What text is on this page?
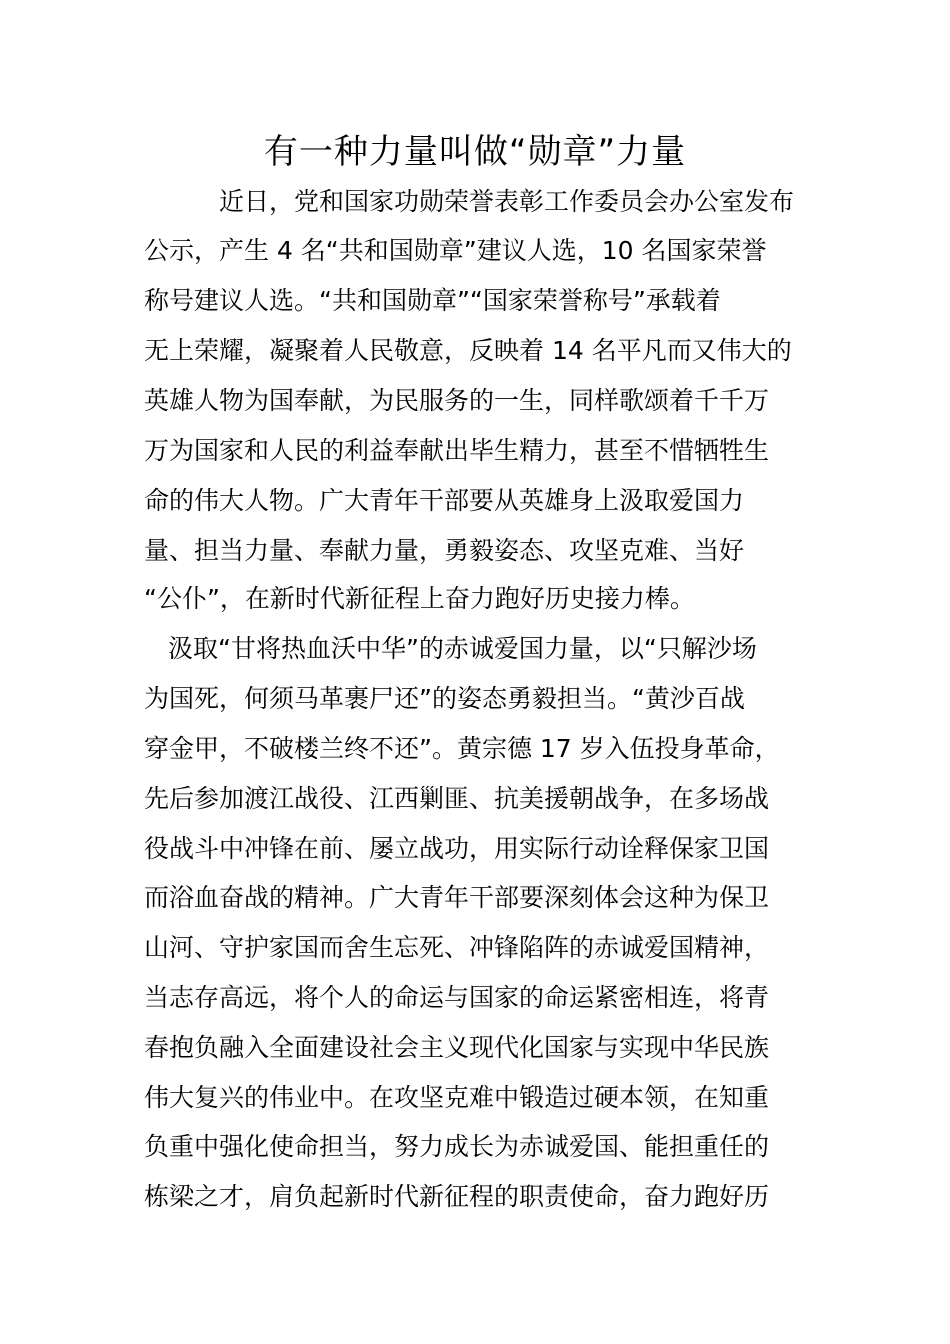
有一种力量叫做“勋章”力量
近日，党和国家功勋荣誉表彰工作委员会办公室发布
公示，产生 4 名“共和国勋章”建议人选，10 名国家荣誉
称号建议人选。“共和国勋章”“国家荣誉称号”承载着
无上荣耀，凝聚着人民敬意，反映着 14 名平凡而又伟大的
英雄人物为国奉献，为民服务的一生，同样歌颂着千千万
万为国家和人民的利益奉献出毕生精力，甚至不惜牺牲生
命的伟大人物。广大青年干部要从英雄身上汲取爱国力
量、担当力量、奉献力量，勇毅姿态、攻坚克难、当好
“公仆”，在新时代新征程上奋力跑好历史接力棒。
汲取“甘将热血沃中华”的赤诚爱国力量，以“只解沙场
为国死，何须马革裹尸还”的姿态勇毅担当。“黄沙百战
穿金甲，不破楼兰终不还”。黄宗德 17 岁入伍投身革命，
先后参加渡江战役、江西剿匪、抗美援朝战争，在多场战
役战斗中冲锋在前、屡立战功，用实际行动诠释保家卫国
而浴血奋战的精神。广大青年干部要深刻体会这种为保卫
山河、守护家国而舍生忘死、冲锋陷阵的赤诚爱国精神，
当志存高远，将个人的命运与国家的命运紧密相连，将青
春抱负融入全面建设社会主义现代化国家与实现中华民族
伟大复兴的伟业中。在攻坚克难中锻造过硬本领，在知重
负重中强化使命担当，努力成长为赤诚爱国、能担重任的
栋梁之才，肩负起新时代新征程的职责使命，奋力跑好历
